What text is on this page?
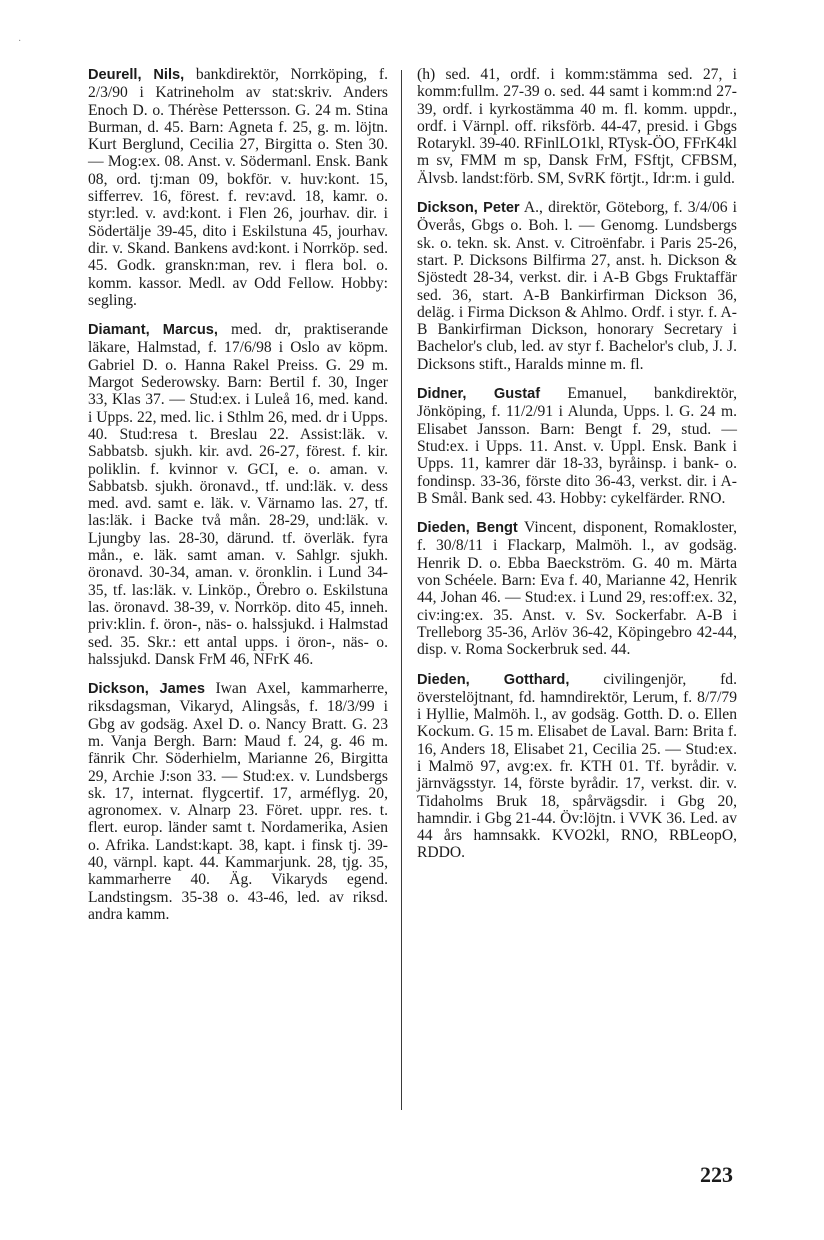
·

Deurell, Nils, bankdirektör, Norrköping, f. 2/3/90 i Katrineholm av stat:skriv. Anders Enoch D. o. Thérèse Pettersson. G. 24 m. Stina Burman, d. 45. Barn: Agneta f. 25, g. m. löjtn. Kurt Berglund, Cecilia 27, Birgitta o. Sten 30. — Mog:ex. 08. Anst. v. Södermanl. Ensk. Bank 08, ord. tj:man 09, bokför. v. huv:kont. 15, sifferrev. 16, förest. f. rev:avd. 18, kamr. o. styr:led. v. avd:kont. i Flen 26, jourhav. dir. i Södertälje 39-45, dito i Eskilstuna 45, jourhav. dir. v. Skand. Bankens avd:kont. i Norrköp. sed. 45. Godk. granskn:man, rev. i flera bol. o. komm. kassor. Medl. av Odd Fellow. Hobby: segling.

Diamant, Marcus, med. dr, praktiserande läkare, Halmstad, f. 17/6/98 i Oslo av köpm. Gabriel D. o. Hanna Rakel Preiss. G. 29 m. Margot Sederowsky. Barn: Bertil f. 30, Inger 33, Klas 37. — Stud:ex. i Luleå 16, med. kand. i Upps. 22, med. lic. i Sthlm 26, med. dr i Upps. 40. Stud:resa t. Breslau 22. Assist:läk. v. Sabbatsb. sjukh. kir. avd. 26-27, förest. f. kir. poliklin. f. kvinnor v. GCI, e. o. aman. v. Sabbatsb. sjukh. öronavd., tf. und:läk. v. dess med. avd. samt e. läk. v. Värnamo las. 27, tf. las:läk. i Backe två mån. 28-29, und:läk. v. Ljungby las. 28-30, därund. tf. överläk. fyra mån., e. läk. samt aman. v. Sahlgr. sjukh. öronavd. 30-34, aman. v. öronklin. i Lund 34-35, tf. las:läk. v. Linköp., Örebro o. Eskilstuna las. öronavd. 38-39, v. Norrköp. dito 45, inneh. priv:klin. f. öron-, näs- o. halssjukd. i Halmstad sed. 35. Skr.: ett antal upps. i öron-, näs- o. halssjukd. Dansk FrM 46, NFrK 46.

Dickson, James Iwan Axel, kammarherre, riksdagsman, Vikaryd, Alingsås, f. 18/3/99 i Gbg av godsäg. Axel D. o. Nancy Bratt. G. 23 m. Vanja Bergh. Barn: Maud f. 24, g. 46 m. fänrik Chr. Söderhielm, Marianne 26, Birgitta 29, Archie J:son 33. — Stud:ex. v. Lundsbergs sk. 17, internat. flygcertif. 17, arméflyg. 20, agronomex. v. Alnarp 23. Föret. uppr. res. t. flert. europ. länder samt t. Nordamerika, Asien o. Afrika. Landst:kapt. 38, kapt. i finsk tj. 39-40, värnpl. kapt. 44. Kammarjunk. 28, tjg. 35, kammarherre 40. Äg. Vikaryds egend. Landstingsm. 35-38 o. 43-46, led. av riksd. andra kamm.

(h) sed. 41, ordf. i komm:stämma sed. 27, i komm:fullm. 27-39 o. sed. 44 samt i komm:nd 27-39, ordf. i kyrkostämma 40 m. fl. komm. uppdr., ordf. i Värnpl. off. riksförb. 44-47, presid. i Gbgs Rotarykl. 39-40. RFinlLO1kl, RTysk-ÖO, FFrK4kl m sv, FMM m sp, Dansk FrM, FSftjt, CFBSM, Älvsb. landst:förb. SM, SvRK förtjt., Idr:m. i guld.

Dickson, Peter A., direktör, Göteborg, f. 3/4/06 i Överås, Gbgs o. Boh. l. — Genomg. Lundsbergs sk. o. tekn. sk. Anst. v. Citroënfabr. i Paris 25-26, start. P. Dicksons Bilfirma 27, anst. h. Dickson & Sjöstedt 28-34, verkst. dir. i A-B Gbgs Fruktaffär sed. 36, start. A-B Bankirfirman Dickson 36, deläg. i Firma Dickson & Ahlmo. Ordf. i styr. f. A-B Bankirfirman Dickson, honorary Secretary i Bachelor's club, led. av styr f. Bachelor's club, J. J. Dicksons stift., Haralds minne m. fl.

Didner, Gustaf Emanuel, bankdirektör, Jönköping, f. 11/2/91 i Alunda, Upps. l. G. 24 m. Elisabet Jansson. Barn: Bengt f. 29, stud. — Stud:ex. i Upps. 11. Anst. v. Uppl. Ensk. Bank i Upps. 11, kamrer där 18-33, byråinsp. i bank- o. fondinsp. 33-36, förste dito 36-43, verkst. dir. i A-B Smål. Bank sed. 43. Hobby: cykelfärder. RNO.

Dieden, Bengt Vincent, disponent, Romakloster, f. 30/8/11 i Flackarp, Malmöh. l., av godsäg. Henrik D. o. Ebba Baeckström. G. 40 m. Märta von Schéele. Barn: Eva f. 40, Marianne 42, Henrik 44, Johan 46. — Stud:ex. i Lund 29, res:off:ex. 32, civ:ing:ex. 35. Anst. v. Sv. Sockerfabr. A-B i Trelleborg 35-36, Arlöv 36-42, Köpingebro 42-44, disp. v. Roma Sockerbruk sed. 44.

Dieden, Gotthard, civilingenjör, fd. överstelöjtnant, fd. hamndirektör, Lerum, f. 8/7/79 i Hyllie, Malmöh. l., av godsäg. Gotth. D. o. Ellen Kockum. G. 15 m. Elisabet de Laval. Barn: Brita f. 16, Anders 18, Elisabet 21, Cecilia 25. — Stud:ex. i Malmö 97, avg:ex. fr. KTH 01. Tf. byrådir. v. järnvägsstyr. 14, förste byrådir. 17, verkst. dir. v. Tidaholms Bruk 18, spårvägsdir. i Gbg 20, hamndir. i Gbg 21-44. Öv:löjtn. i VVK 36. Led. av 44 års hamnsakk. KVO2kl, RNO, RBLeopO, RDDO.

223
